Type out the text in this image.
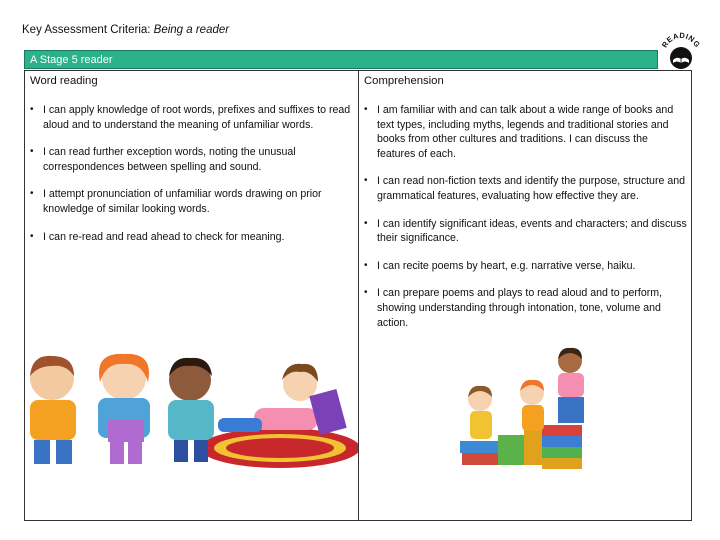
Key Assessment Criteria: Being a reader
A Stage 5 reader
READING
Word reading
• I can apply knowledge of root words, prefixes and suffixes to read aloud and to understand the meaning of unfamiliar words.
• I can read further exception words, noting the unusual correspondences between spelling and sound.
• I attempt pronunciation of unfamiliar words drawing on prior knowledge of similar looking words.
• I can re-read and read ahead to check for meaning.
Comprehension
• I am familiar with and can talk about a wide range of books and text types, including myths, legends and traditional stories and books from other cultures and traditions. I can discuss the features of each.
• I can read non-fiction texts and identify the purpose, structure and grammatical features, evaluating how effective they are.
• I can identify significant ideas, events and characters; and discuss their significance.
• I can recite poems by heart, e.g. narrative verse, haiku.
• I can prepare poems and plays to read aloud and to perform, showing understanding through intonation, tone, volume and action.
